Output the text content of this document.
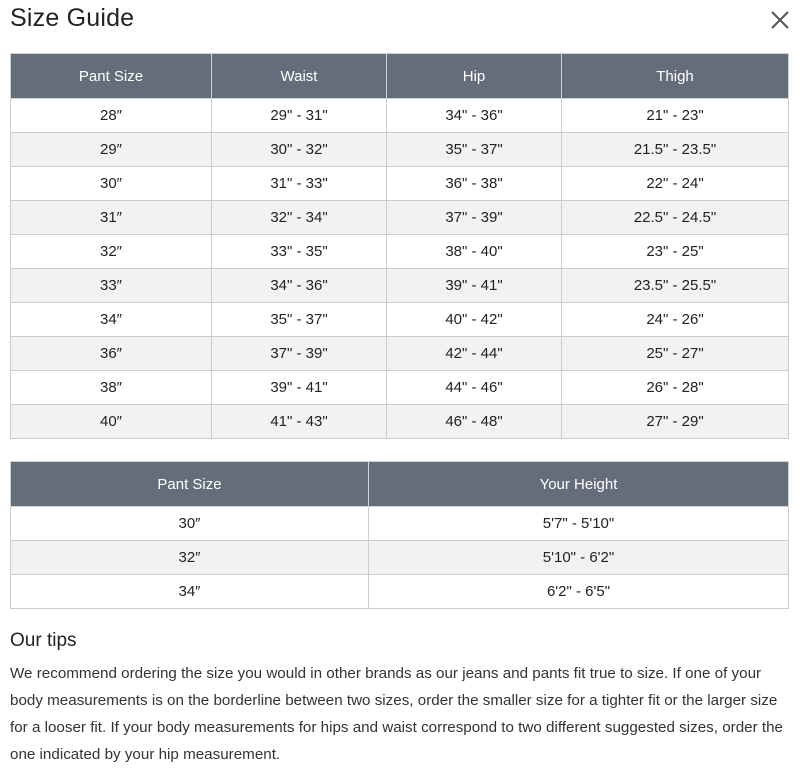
Size Guide
Pant Size	Waist	Hip	Thigh
28″	29" - 31"	34" - 36"	21" - 23"
29″	30" - 32"	35" - 37"	21.5" - 23.5"
30″	31" - 33"	36" - 38"	22" - 24"
31″	32" - 34"	37" - 39"	22.5" - 24.5"
32″	33" - 35"	38" - 40"	23" - 25"
33″	34" - 36"	39" - 41"	23.5" - 25.5"
34″	35" - 37"	40" - 42"	24" - 26"
36″	37" - 39"	42" - 44"	25" - 27"
38″	39" - 41"	44" - 46"	26" - 28"
40″	41" - 43"	46" - 48"	27" - 29"
Pant Size	Your Height
30″	5'7" - 5'10"
32″	5'10" - 6'2"
34″	6'2" - 6'5"
Our tips

We recommend ordering the size you would in other brands as our jeans and pants fit true to size. If one of your body measurements is on the borderline between two sizes, order the smaller size for a tighter fit or the larger size for a looser fit. If your body measurements for hips and waist correspond to two different suggested sizes, order the one indicated by your hip measurement.
